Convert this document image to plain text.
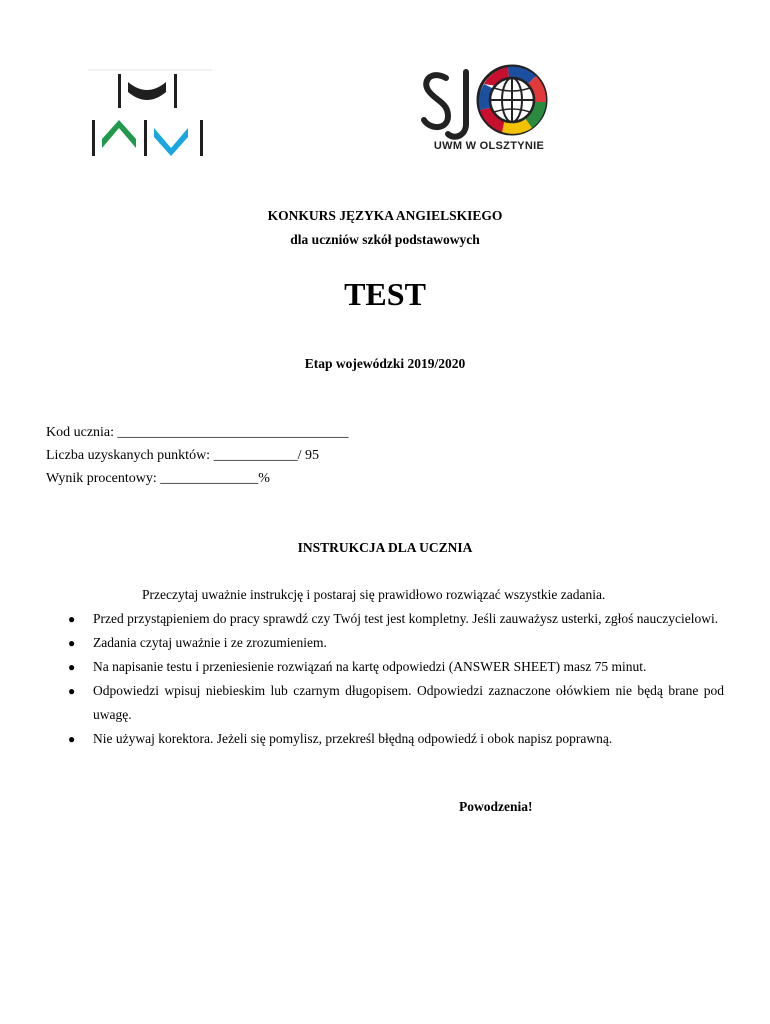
UWM W OLSZTYNIE
KONKURS JĘZYKA ANGIELSKIEGO
dla uczniów szkół podstawowych
TEST
Etap wojewódzki 2019/2020
Kod ucznia: _________________________________
Liczba uzyskanych punktów: ____________/ 95
Wynik procentowy: ______________%
INSTRUKCJA DLA UCZNIA
Przeczytaj uważnie instrukcję i postaraj się prawidłowo rozwiązać wszystkie zadania.
● Przed przystąpieniem do pracy sprawdź czy Twój test jest kompletny. Jeśli zauważysz usterki, zgłoś nauczycielowi.
● Zadania czytaj uważnie i ze zrozumieniem.
● Na napisanie testu i przeniesienie rozwiązań na kartę odpowiedzi (ANSWER SHEET) masz 75 minut.
● Odpowiedzi wpisuj niebieskim lub czarnym długopisem. Odpowiedzi zaznaczone ołówkiem nie będą brane pod uwagę.
● Nie używaj korektora. Jeżeli się pomylisz, przekreśl błędną odpowiedź i obok napisz poprawną.
Powodzenia!
